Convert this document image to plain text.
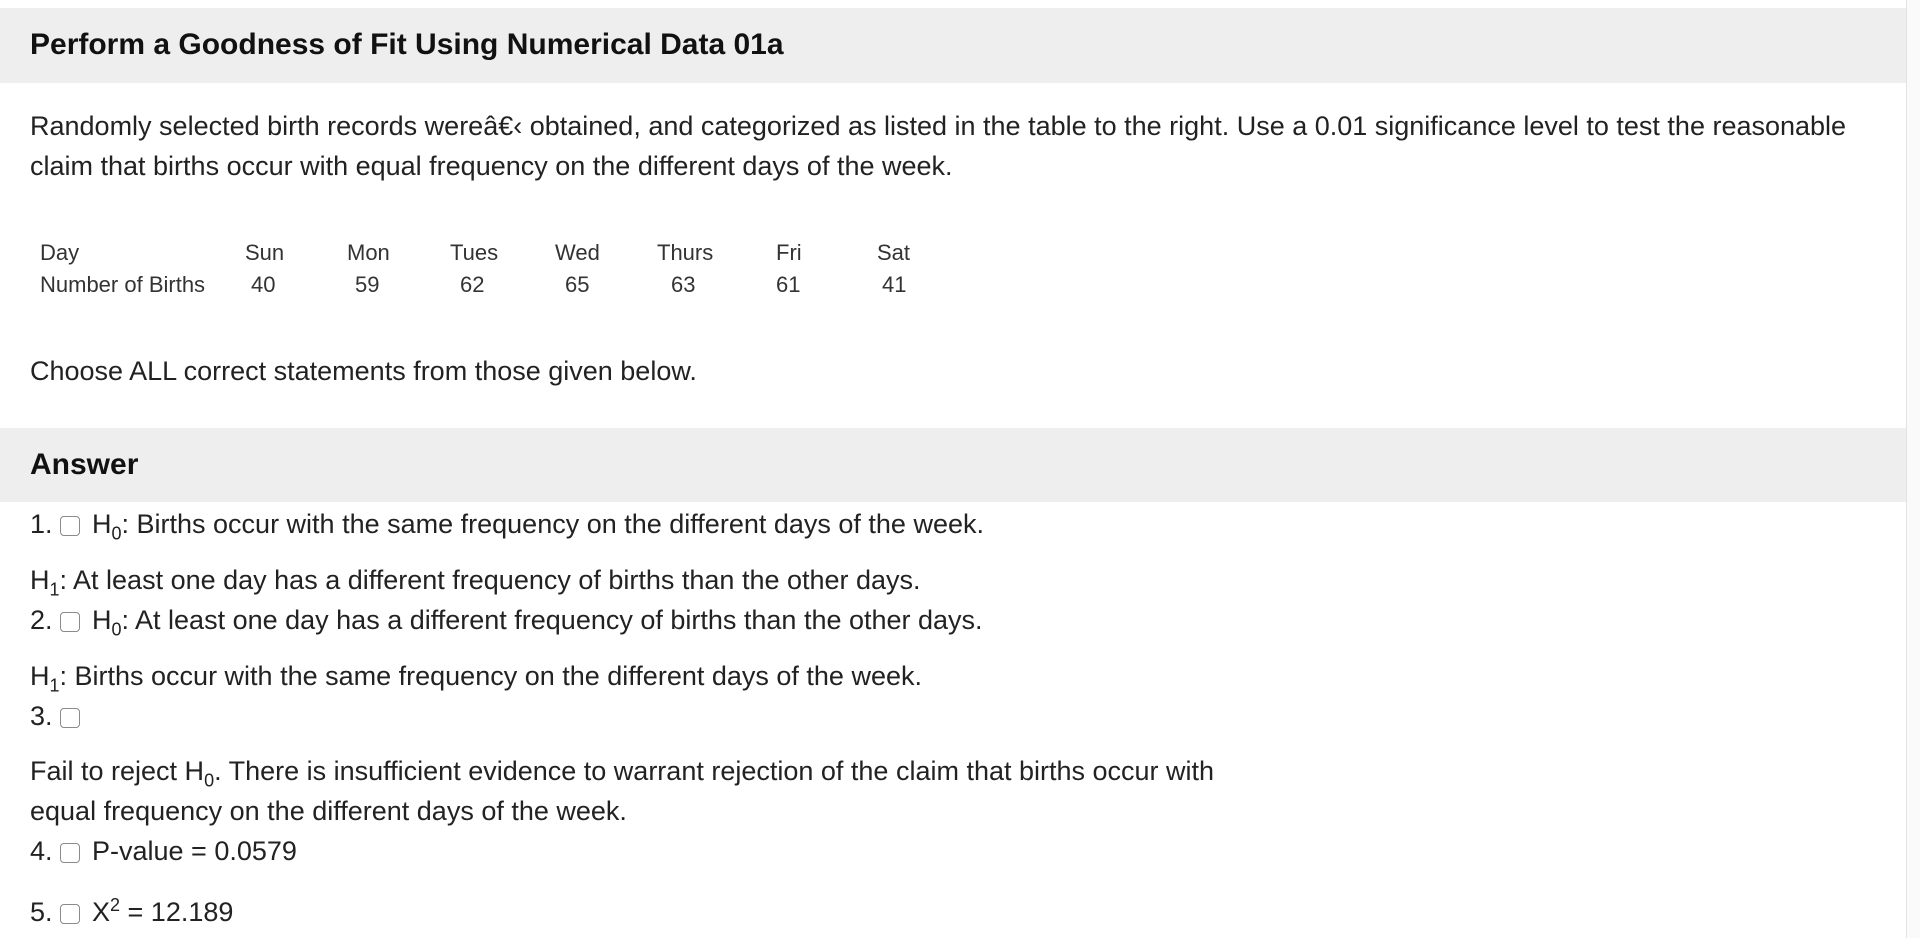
Perform a Goodness of Fit Using Numerical Data 01a
Randomly selected birth records wereâ€‹ obtained, and categorized as listed in the table to the right. Use a 0.01 significance level to test the reasonable claim that births occur with equal frequency on the different days of the week.
Day	Sun	Mon	Tues	Wed	Thurs	Fri	Sat
Number of Births 40	59	62	65	63	61	41
Choose ALL correct statements from those given below.
Answer
1. $H_0$: Births occur with the same frequency on the different days of the week.
$H_1$: At least one day has a different frequency of births than the other days.
2. $H_0$: At least one day has a different frequency of births than the other days.
$H_1$: Births occur with the same frequency on the different days of the week.
3.
Fail to reject $H_0$. There is insufficient evidence to warrant rejection of the claim that births occur with
equal frequency on the different days of the week.
4. P-value = 0.0579
5. $X^2 = 12.189$
